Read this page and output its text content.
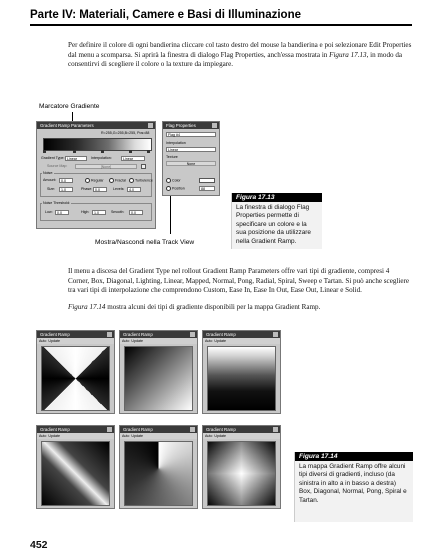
Parte IV: Materiali, Camere e Basi di Illuminazione
Per definire il colore di ogni bandierina cliccare col tasto destro del mouse la bandierina e poi selezionare Edit Properties dal menu a scomparsa. Si aprirà la finestra di dialogo Flag Properties, anch'essa mostrata in Figura 17.13, in modo da consentirvi di scegliere il colore o la texture da impiegare.
Marcatore Gradiente
Gradient Ramp Parameters
R=255,G=255,B=255, Pos=88
Gradient Type: Linear	Interpolation:	Linear
Source Map:	[None]
Noise:
Amount:	0.0	Regular	Fractal	Turbulence
Size:	1.0	Phase: 0.0	Levels:	4.0
Noise Threshold:
Low:	0.0	High:	1.0	Smooth:	0.0
Flag Properties
Flag #4
Interpolation
Linear
Texture
None
Color
Position	88
Mostra/Nascondi nella Track View
Figura 17.13
La finestra di dialogo Flag Properties permette di specificare un colore e la sua posizione da utilizzare nella Gradient Ramp.
Il menu a discesa del Gradient Type nel rollout Gradient Ramp Parameters offre vari tipi di gradiente, compresi 4 Corner, Box, Diagonal, Lighting, Linear, Mapped, Normal, Pong, Radial, Spiral, Sweep e Tartan. Si può anche scegliere tra vari tipi di interpolazione che comprendono Custom, Ease In, Ease In Out, Ease Out, Linear e Solid.
Figura 17.14 mostra alcuni dei tipi di gradiente disponibili per la mappa Gradient Ramp.
Gradient Ramp
Auto Update
Gradient Ramp
Auto Update
Gradient Ramp
Auto Update
Gradient Ramp
Auto Update
Gradient Ramp
Auto Update
Gradient Ramp
Auto Update
Figura 17.14
La mappa Gradient Ramp offre alcuni tipi diversi di gradienti, incluso (da sinistra in alto a in basso a destra) Box, Diagonal, Normal, Pong, Spiral e Tartan.
452
